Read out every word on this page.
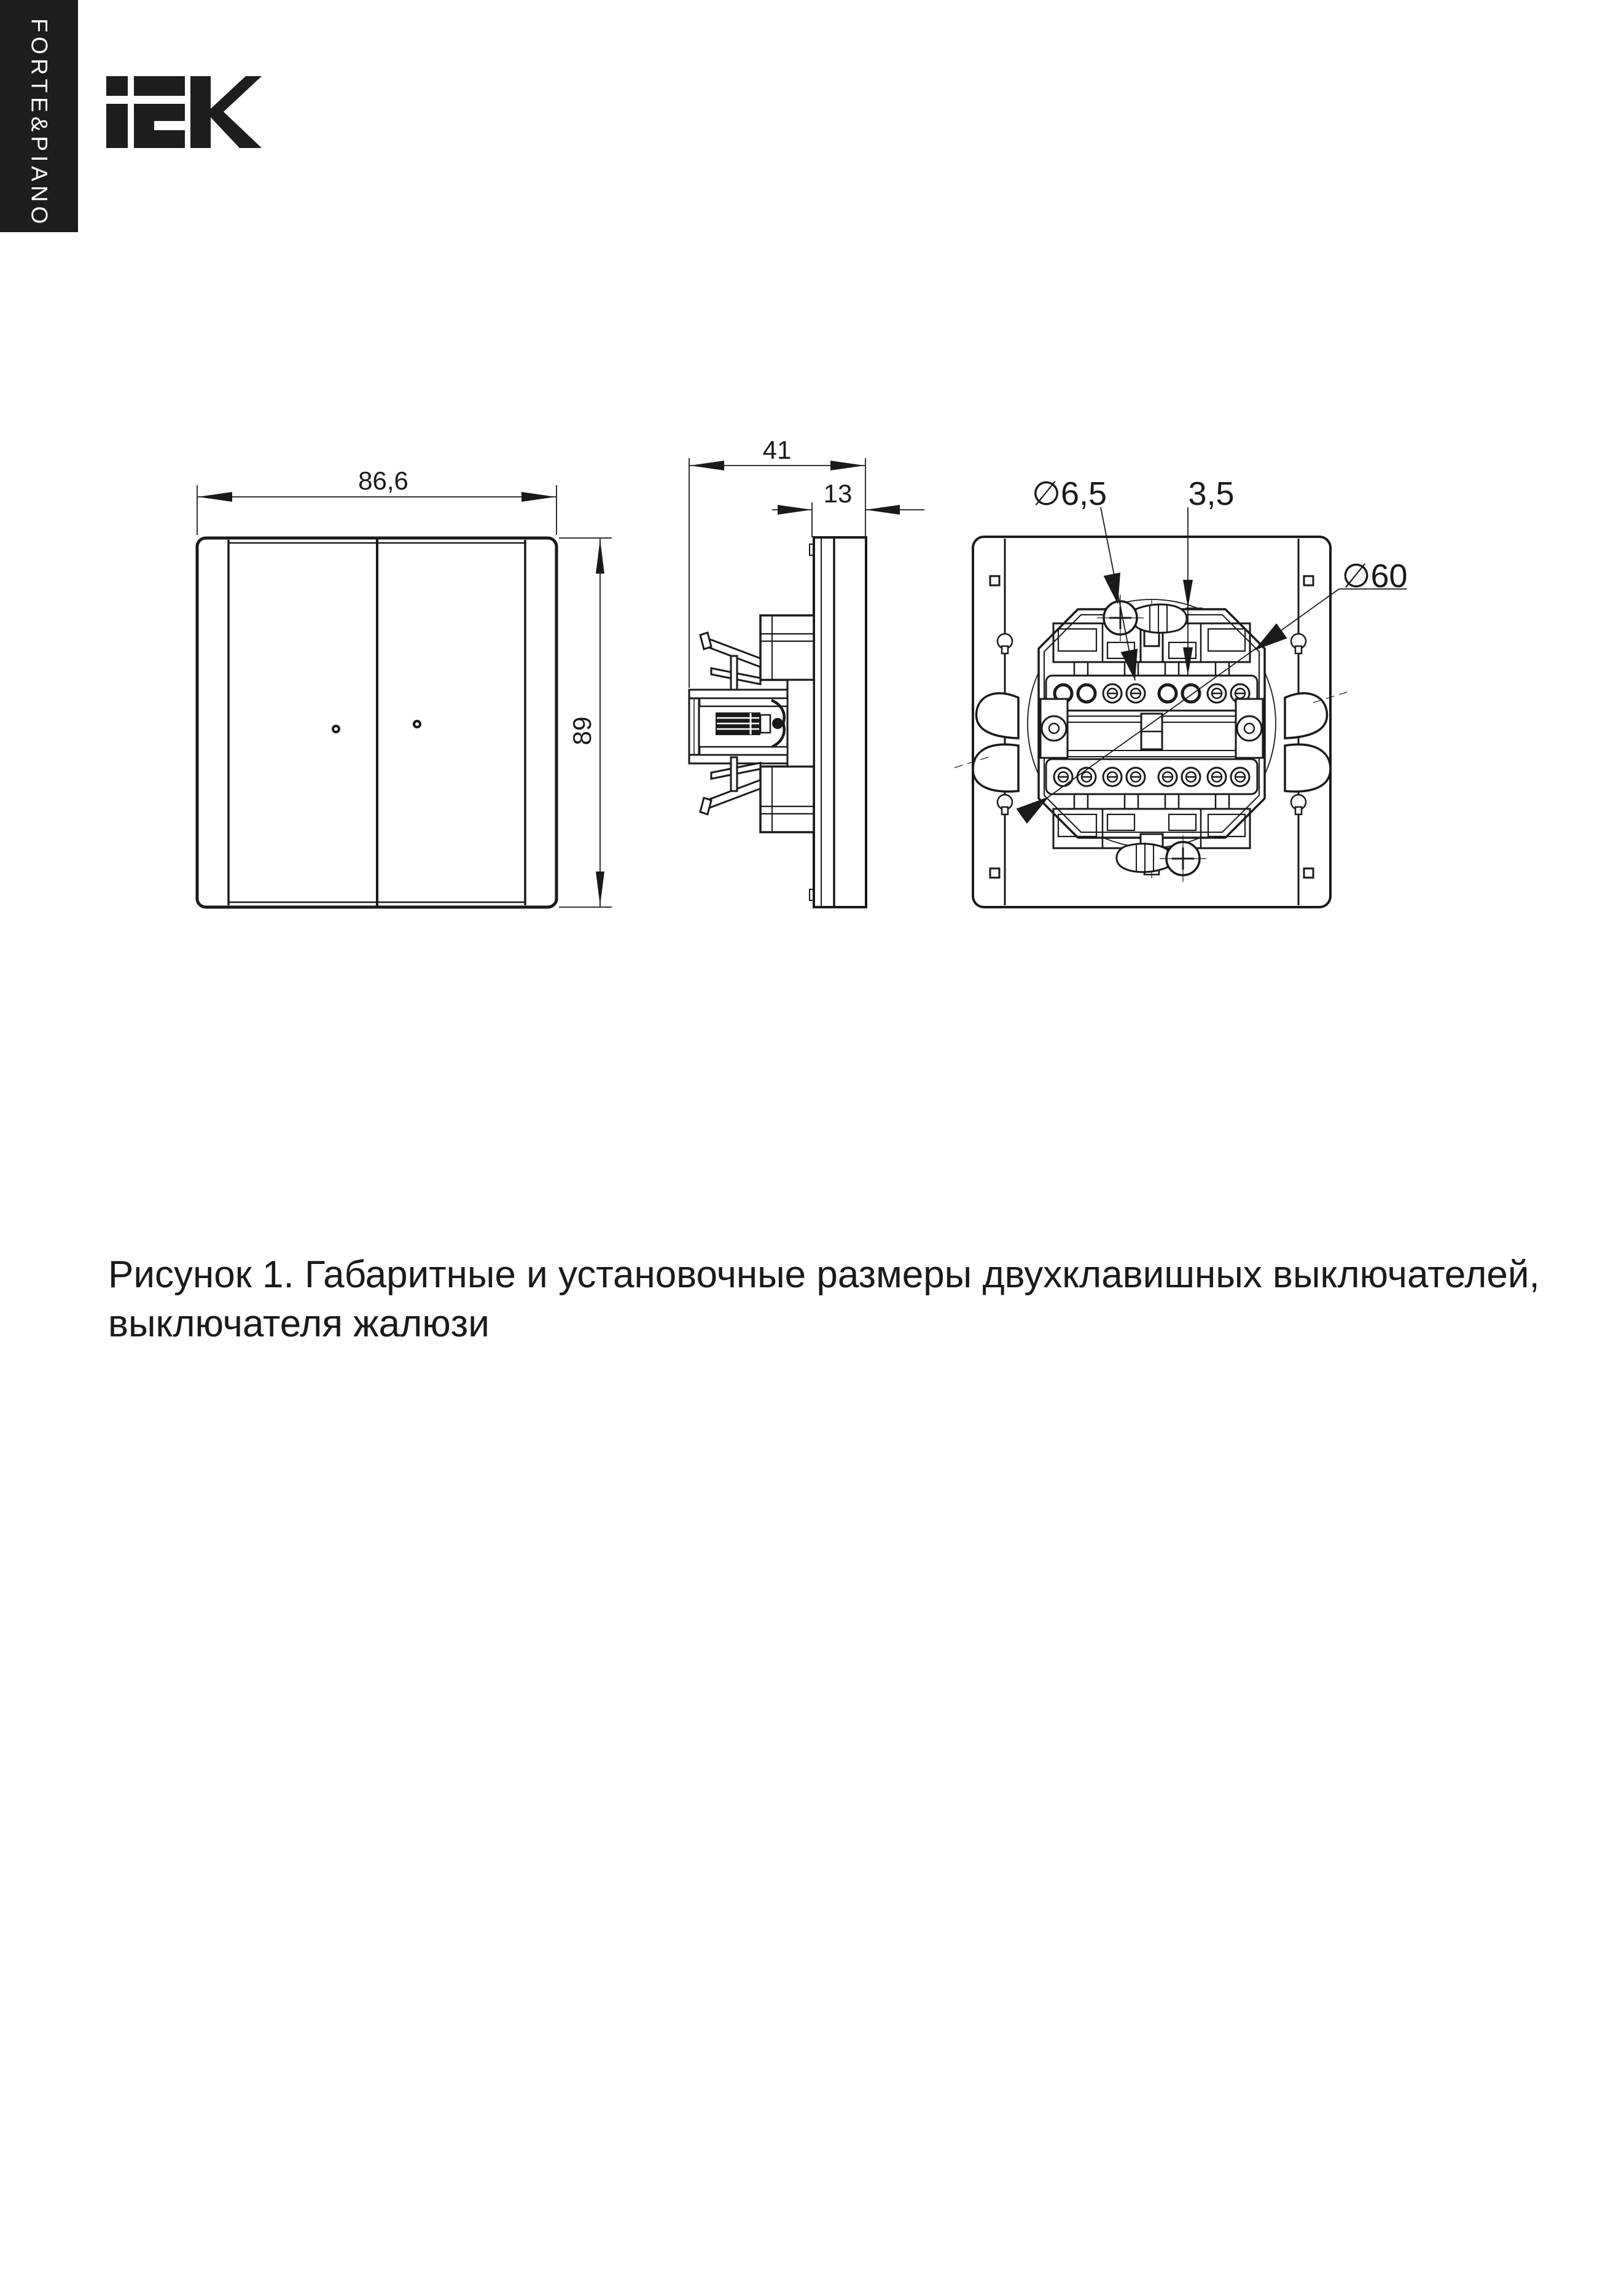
FORTE&PIANO
86,6
89
41
13	∅6,5 3,5
∅60
Рисунок 1. Габаритные и установочные размеры двухклавишных выключателей,
выключателя жалюзи
